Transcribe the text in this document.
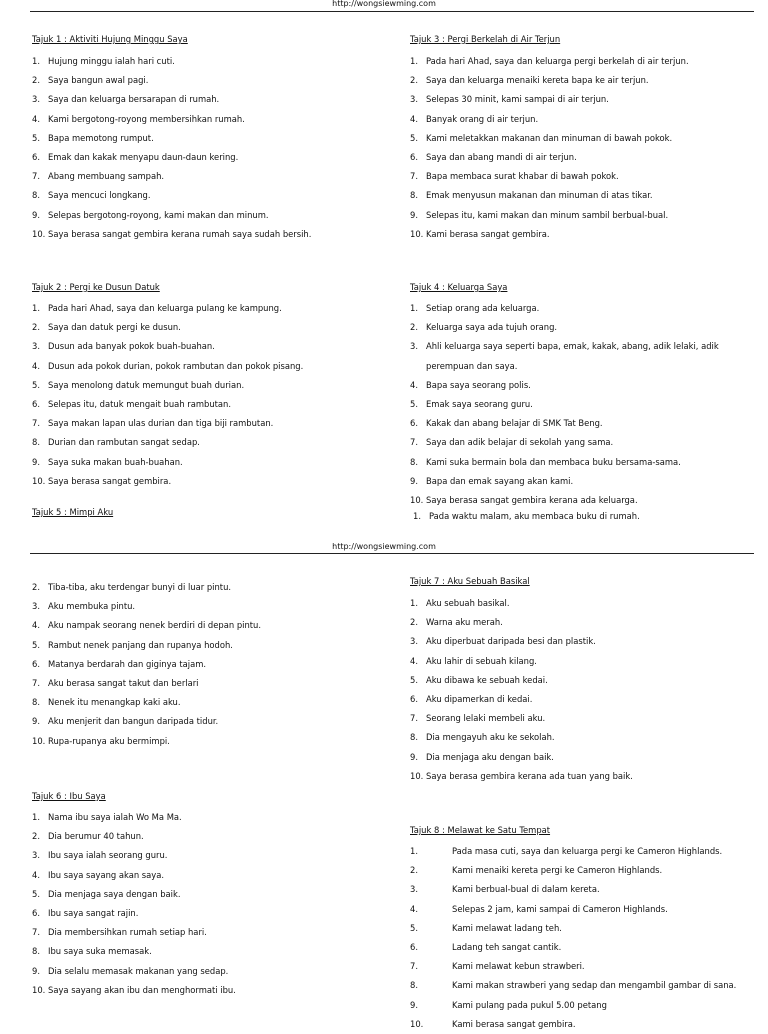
http://wongsiewming.com
http://wongsiewming.com
Tajuk 1 : Aktiviti Hujung Minggu Saya
1. Hujung minggu ialah hari cuti.
2. Saya bangun awal pagi.
3. Saya dan keluarga bersarapan di rumah.
4. Kami bergotong-royong membersihkan rumah.
5. Bapa memotong rumput.
6. Emak dan kakak menyapu daun-daun kering.
7. Abang membuang sampah.
8. Saya mencuci longkang.
9. Selepas bergotong-royong, kami makan dan minum.
10. Saya berasa sangat gembira kerana rumah saya sudah bersih.
Tajuk 3 : Pergi Berkelah di Air Terjun
1. Pada hari Ahad, saya dan keluarga pergi berkelah di air terjun.
2. Saya dan keluarga menaiki kereta bapa ke air terjun.
3. Selepas 30 minit, kami sampai di air terjun.
4. Banyak orang di air terjun.
5. Kami meletakkan makanan dan minuman di bawah pokok.
6. Saya dan abang mandi di air terjun.
7. Bapa membaca surat khabar di bawah pokok.
8. Emak menyusun makanan dan minuman di atas tikar.
9. Selepas itu, kami makan dan minum sambil berbual-bual.
10. Kami berasa sangat gembira.
Tajuk 2 : Pergi ke Dusun Datuk
1. Pada hari Ahad, saya dan keluarga pulang ke kampung.
2. Saya dan datuk pergi ke dusun.
3. Dusun ada banyak pokok buah-buahan.
4. Dusun ada pokok durian, pokok rambutan dan pokok pisang.
5. Saya menolong datuk memungut buah durian.
6. Selepas itu, datuk mengait buah rambutan.
7. Saya makan lapan ulas durian dan tiga biji rambutan.
8. Durian dan rambutan sangat sedap.
9. Saya suka makan buah-buahan.
10. Saya berasa sangat gembira.
Tajuk 4 : Keluarga Saya
1. Setiap orang ada keluarga.
2. Keluarga saya ada tujuh orang.
3. Ahli keluarga saya seperti bapa, emak, kakak, abang, adik lelaki, adik
perempuan dan saya.
4. Bapa saya seorang polis.
5. Emak saya seorang guru.
6. Kakak dan abang belajar di SMK Tat Beng.
7. Saya dan adik belajar di sekolah yang sama.
8. Kami suka bermain bola dan membaca buku bersama-sama.
9. Bapa dan emak sayang akan kami.
10. Saya berasa sangat gembira kerana ada keluarga.
Tajuk 5 : Mimpi Aku	1. Pada waktu malam, aku membaca buku di rumah.
2. Tiba-tiba, aku terdengar bunyi di luar pintu.
3. Aku membuka pintu.
4. Aku nampak seorang nenek berdiri di depan pintu.
5. Rambut nenek panjang dan rupanya hodoh.
6. Matanya berdarah dan giginya tajam.
7. Aku berasa sangat takut dan berlari
8. Nenek itu menangkap kaki aku.
9. Aku menjerit dan bangun daripada tidur.
10. Rupa-rupanya aku bermimpi.
Tajuk 7 : Aku Sebuah Basikal
1. Aku sebuah basikal.
2. Warna aku merah.
3. Aku diperbuat daripada besi dan plastik.
4. Aku lahir di sebuah kilang.
5. Aku dibawa ke sebuah kedai.
6. Aku dipamerkan di kedai.
7. Seorang lelaki membeli aku.
8. Dia mengayuh aku ke sekolah.
9. Dia menjaga aku dengan baik.
10. Saya berasa gembira kerana ada tuan yang baik.
Tajuk 6 : Ibu Saya
1. Nama ibu saya ialah Wo Ma Ma.
2. Dia berumur 40 tahun.
3. Ibu saya ialah seorang guru.
4. Ibu saya sayang akan saya.
5. Dia menjaga saya dengan baik.
6. Ibu saya sangat rajin.
7. Dia membersihkan rumah setiap hari.
8. Ibu saya suka memasak.
9. Dia selalu memasak makanan yang sedap.
10. Saya sayang akan ibu dan menghormati ibu.
Tajuk 8 : Melawat ke Satu Tempat
1.	Pada masa cuti, saya dan keluarga pergi ke Cameron Highlands.
2.	Kami menaiki kereta pergi ke Cameron Highlands.
3.	Kami berbual-bual di dalam kereta.
4.	Selepas 2 jam, kami sampai di Cameron Highlands.
5.	Kami melawat ladang teh.
6.	Ladang teh sangat cantik.
7.	Kami melawat kebun strawberi.
8.	Kami makan strawberi yang sedap dan mengambil gambar di sana.
9.	Kami pulang pada pukul 5.00 petang
10.	Kami berasa sangat gembira.
